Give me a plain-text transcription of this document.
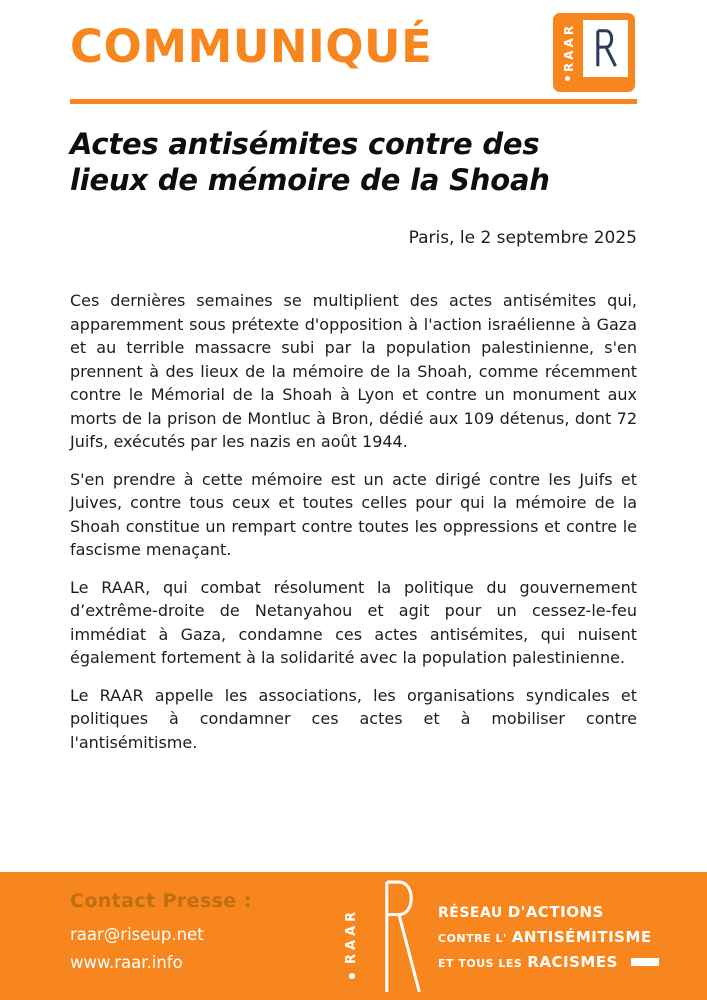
COMMUNIQUÉ	RAAR
Actes antisémites contre des
lieux de mémoire de la Shoah

Paris, le 2 septembre 2025

Ces dernières semaines se multiplient des actes antisémites qui, apparemment sous prétexte d'opposition à l'action israélienne à Gaza et au terrible massacre subi par la population palestinienne, s'en prennent à des lieux de la mémoire de la Shoah, comme récemment contre le Mémorial de la Shoah à Lyon et contre un monument aux morts de la prison de Montluc à Bron, dédié aux 109 détenus, dont 72 Juifs, exécutés par les nazis en août 1944.

S'en prendre à cette mémoire est un acte dirigé contre les Juifs et Juives, contre tous ceux et toutes celles pour qui la mémoire de la Shoah constitue un rempart contre toutes les oppressions et contre le fascisme menaçant.

Le RAAR, qui combat résolument la politique du gouvernement d’extrême-droite de Netanyahou et agit pour un cessez-le-feu immédiat à Gaza, condamne ces actes antisémites, qui nuisent également fortement à la solidarité avec la population palestinienne.

Le RAAR appelle les associations, les organisations syndicales et politiques à condamner ces actes et à mobiliser contre l'antisémitisme.

Contact Presse :
raar@riseup.net
www.raar.info	RAAR	RÉSEAU D'ACTIONS
CONTRE L' ANTISÉMITISME
ET TOUS LES RACISMES
